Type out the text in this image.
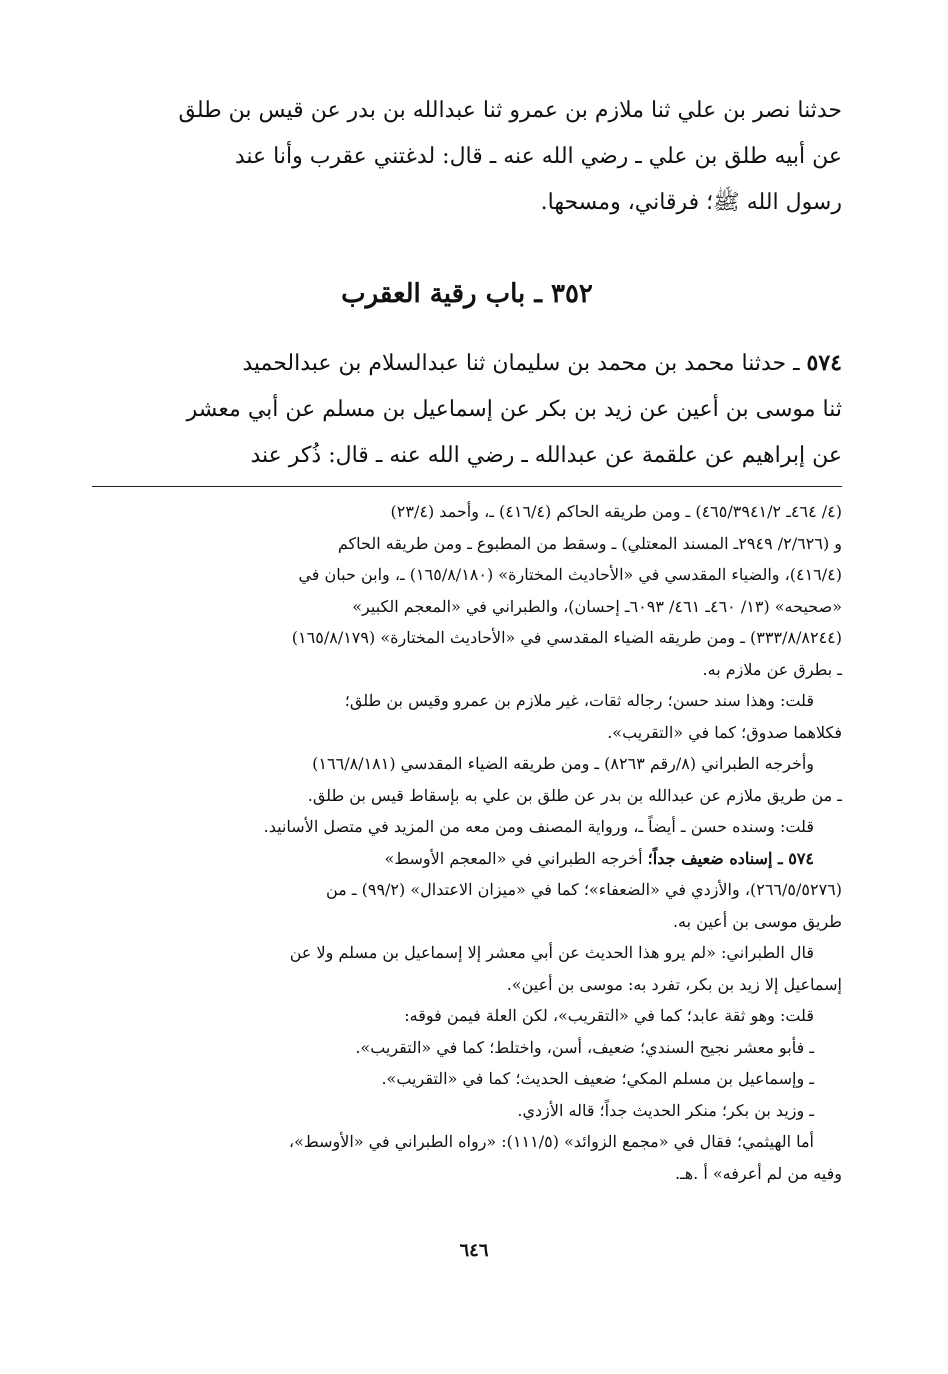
حدثنا نصر بن علي ثنا ملازم بن عمرو ثنا عبدالله بن بدر عن قيس بن طلق
عن أبيه طلق بن علي ـ رضي الله عنه ـ قال: لدغتني عقرب وأنا عند
رسول الله ﷺ؛ فرقاني، ومسحها.

٣٥٢ ـ باب رقية العقرب

٥٧٤ ـ حدثنا محمد بن محمد بن سليمان ثنا عبدالسلام بن عبدالحميد
ثنا موسى بن أعين عن زيد بن بكر عن إسماعيل بن مسلم عن أبي معشر
عن إبراهيم عن علقمة عن عبدالله ـ رضي الله عنه ـ قال: ذُكر عند

(٤/ ٤٦٤ـ ٤٦٥/٣٩٤١/٢) ـ ومن طريقه الحاكم (٤١٦/٤) ـ، وأحمد (٢٣/٤)
و (٢/٦٢٦/ ٢٩٤٩ـ المسند المعتلي) ـ وسقط من المطبوع ـ ومن طريقه الحاكم
(٤١٦/٤)، والضياء المقدسي في «الأحاديث المختارة» (١٦٥/٨/١٨٠) ـ، وابن حبان في
«صحيحه» (١٣/ ٤٦٠ـ ٤٦١/ ٦٠٩٣ـ إحسان)، والطبراني في «المعجم الكبير»
(٣٣٣/٨/٨٢٤٤) ـ ومن طريقه الضياء المقدسي في «الأحاديث المختارة» (١٦٥/٨/١٧٩)
ـ بطرق عن ملازم به.
قلت: وهذا سند حسن؛ رجاله ثقات، غير ملازم بن عمرو وقيس بن طلق؛
فكلاهما صدوق؛ كما في «التقريب».
وأخرجه الطبراني (٨/رقم ٨٢٦٣) ـ ومن طريقه الضياء المقدسي (١٦٦/٨/١٨١)
ـ من طريق ملازم عن عبدالله بن بدر عن طلق بن علي به بإسقاط قيس بن طلق.
قلت: وسنده حسن ـ أيضاً ـ، ورواية المصنف ومن معه من المزيد في متصل الأسانيد.
٥٧٤ ـ إسناده ضعيف جداً؛ أخرجه الطبراني في «المعجم الأوسط»
(٢٦٦/٥/٥٢٧٦)، والأزدي في «الضعفاء»؛ كما في «ميزان الاعتدال» (٩٩/٢) ـ من
طريق موسى بن أعين به.
قال الطبراني: «لم يرو هذا الحديث عن أبي معشر إلا إسماعيل بن مسلم ولا عن
إسماعيل إلا زيد بن بكر، تفرد به: موسى بن أعين».
قلت: وهو ثقة عابد؛ كما في «التقريب»، لكن العلة فيمن فوقه:
ـ فأبو معشر نجيح السندي؛ ضعيف، أسن، واختلط؛ كما في «التقريب».
ـ وإسماعيل بن مسلم المكي؛ ضعيف الحديث؛ كما في «التقريب».
ـ وزيد بن بكر؛ منكر الحديث جداً؛ قاله الأزدي.
أما الهيثمي؛ فقال في «مجمع الزوائد» (١١١/٥): «رواه الطبراني في «الأوسط»،
وفيه من لم أعرفه» أ .هـ.
٦٤٦
